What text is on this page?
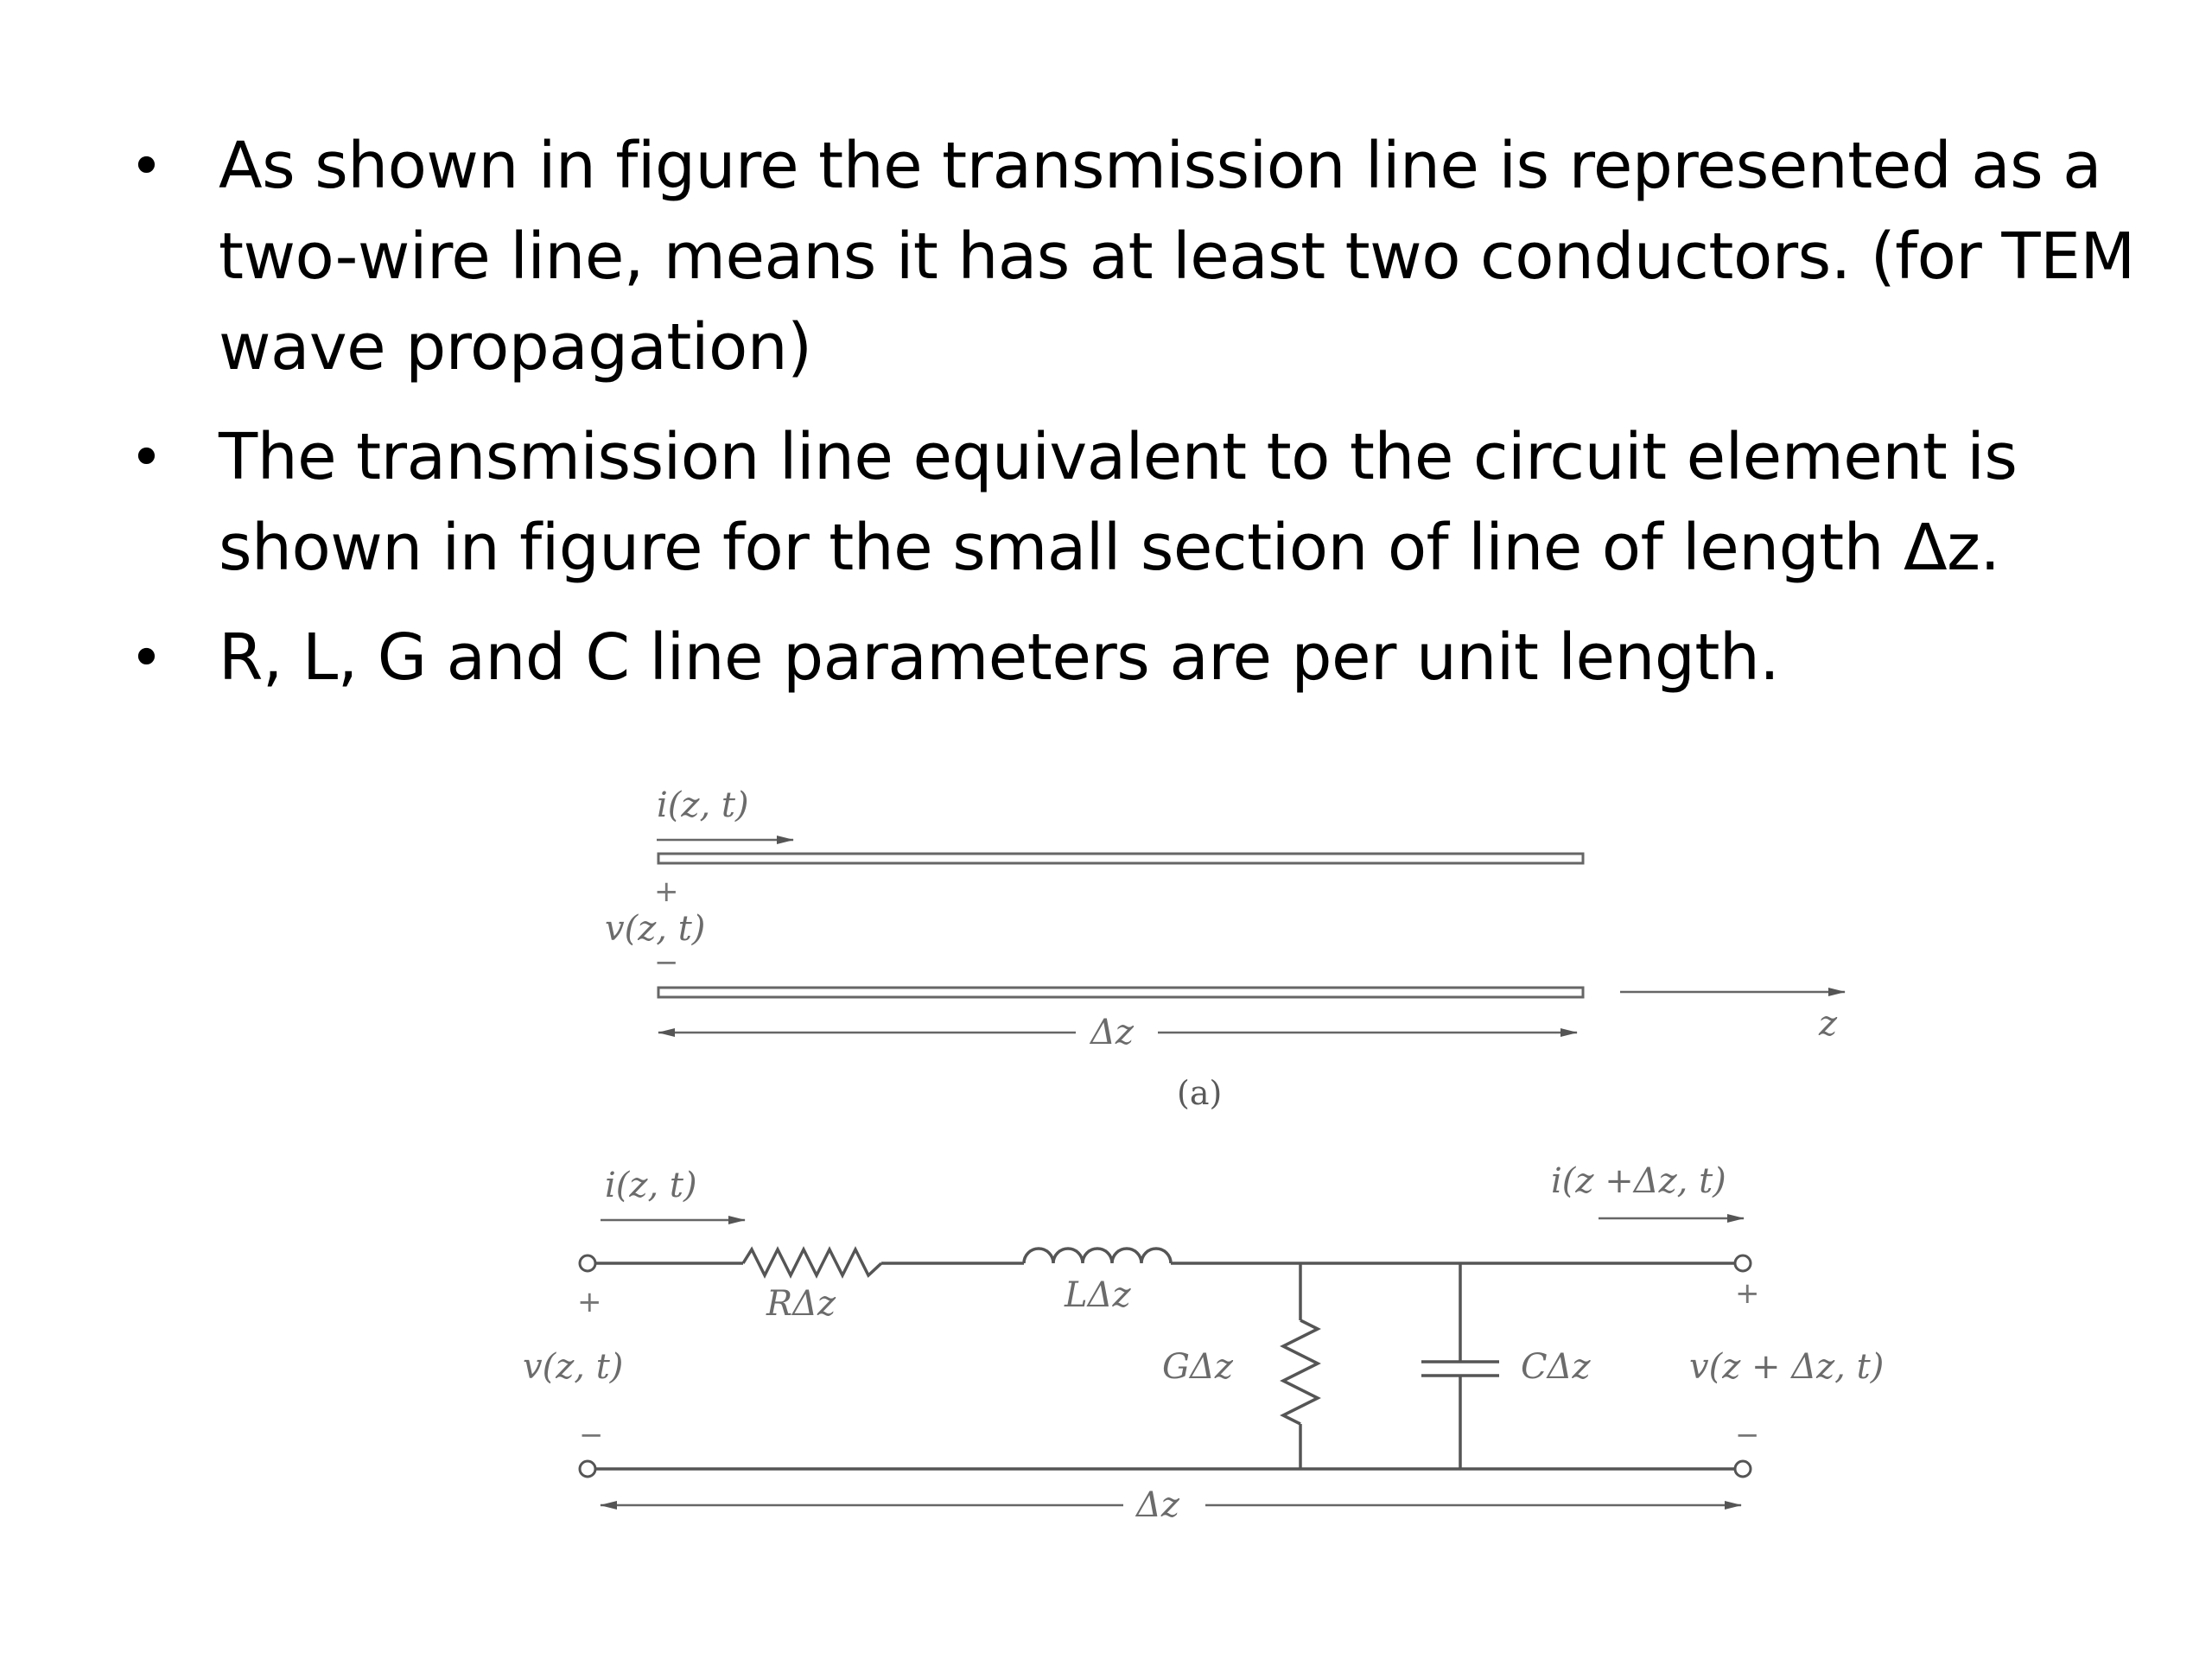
• As shown in figure the transmission line is represented as a two-wire line, means it has at least two conductors. (for TEM wave propagation)
• The transmission line equivalent to the circuit element is shown in figure for the small section of line of length Δz.
• R, L, G and C line parameters are per unit length.
i(z, t)
+
v(z, t)
−
Δz	z
(a)
i(z, t)	i(z +Δz, t)
RΔz	LΔz
GΔz	CΔz
+
v(z, t)
−
+
v(z + Δz, t)
−
Δz
